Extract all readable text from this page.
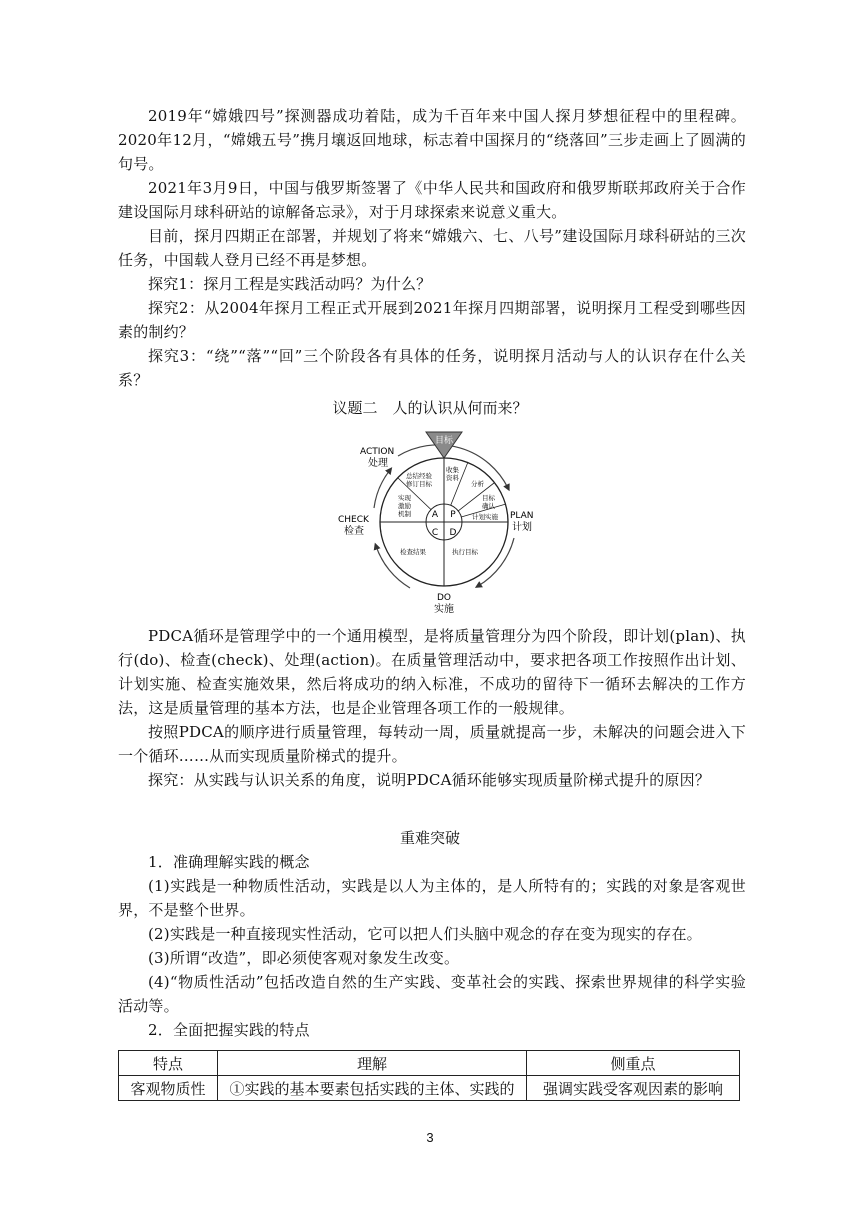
2019年“嫦娥四号”探测器成功着陆，成为千百年来中国人探月梦想征程中的里程碑。2020年12月，“嫦娥五号”携月壤返回地球，标志着中国探月的“绕落回”三步走画上了圆满的句号。

2021年3月9日，中国与俄罗斯签署了《中华人民共和国政府和俄罗斯联邦政府关于合作建设国际月球科研站的谅解备忘录》，对于月球探索来说意义重大。

目前，探月四期正在部署，并规划了将来“嫦娥六、七、八号”建设国际月球科研站的三次任务，中国载人登月已经不再是梦想。

探究1：探月工程是实践活动吗？为什么？

探究2：从2004年探月工程正式开展到2021年探月四期部署，说明探月工程受到哪些因素的制约？

探究3：“绕”“落”“回”三个阶段各有具体的任务，说明探月活动与人的认识存在什么关系？

议题二　人的认识从何而来？
目标
ACTION
处理
PLAN
计划
CHECK
检查
DO
实施
A P
C D
总结经验
修订目标
收集
资料
分析
目标
确认
计划实施
实现
激励
机制
检查结果	执行目标

PDCA循环是管理学中的一个通用模型，是将质量管理分为四个阶段，即计划(plan)、执行(do)、检查(check)、处理(action)。在质量管理活动中，要求把各项工作按照作出计划、计划实施、检查实施效果，然后将成功的纳入标准，不成功的留待下一循环去解决的工作方法，这是质量管理的基本方法，也是企业管理各项工作的一般规律。

按照PDCA的顺序进行质量管理，每转动一周，质量就提高一步，未解决的问题会进入下一个循环……从而实现质量阶梯式的提升。

探究：从实践与认识关系的角度，说明PDCA循环能够实现质量阶梯式提升的原因？

重难突破

1．准确理解实践的概念

(1)实践是一种物质性活动，实践是以人为主体的，是人所特有的；实践的对象是客观世界，不是整个世界。

(2)实践是一种直接现实性活动，它可以把人们头脑中观念的存在变为现实的存在。

(3)所谓“改造”，即必须使客观对象发生改变。

(4)“物质性活动”包括改造自然的生产实践、变革社会的实践、探索世界规律的科学实验活动等。

2．全面把握实践的特点

特点	理解	侧重点
客观物质性	①实践的基本要素包括实践的主体、实践的	强调实践受客观因素的影响
3
